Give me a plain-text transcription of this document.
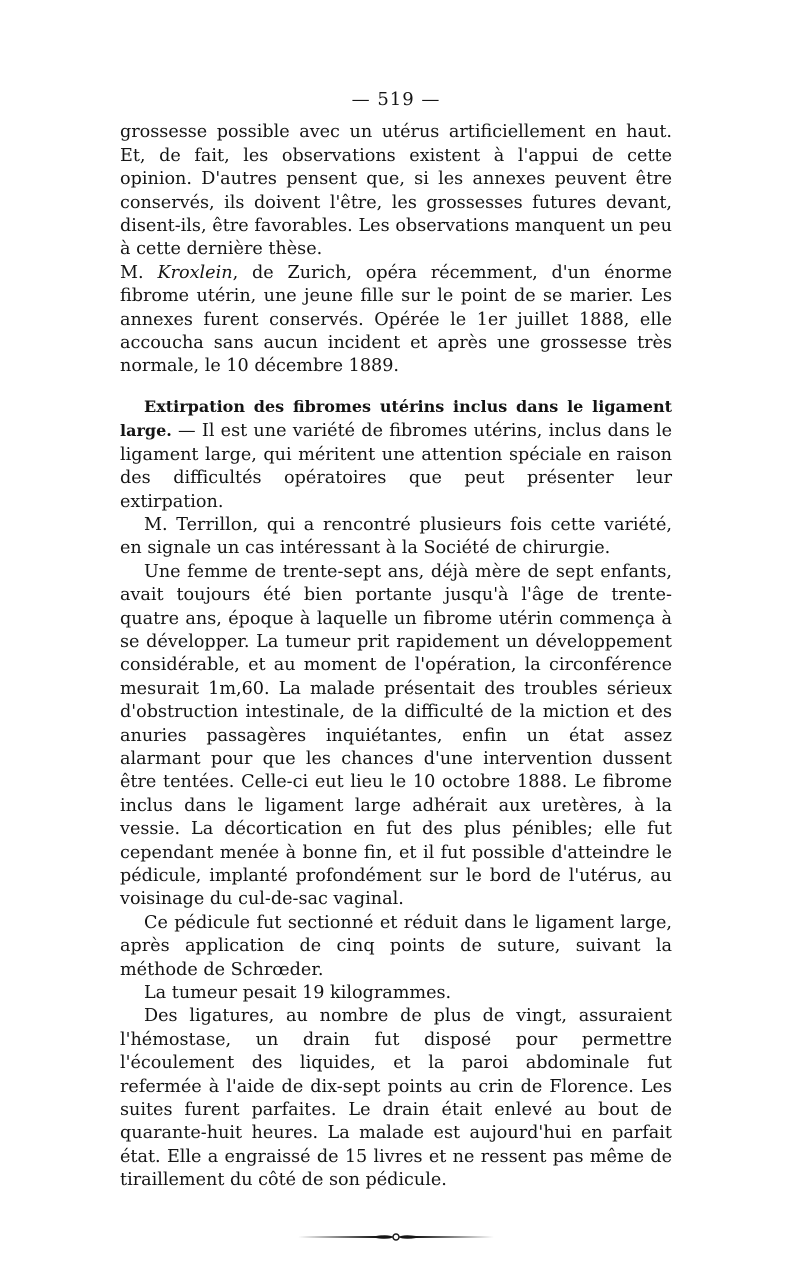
— 519 —

grossesse possible avec un utérus artificiellement en haut. Et, de fait, les observations existent à l'appui de cette opinion. D'autres pensent que, si les annexes peuvent être conservés, ils doivent l'être, les grossesses futures devant, disent-ils, être favorables. Les observations manquent un peu à cette dernière thèse.

M. Kroxlein, de Zurich, opéra récemment, d'un énorme fibrome utérin, une jeune fille sur le point de se marier. Les annexes furent conservés. Opérée le 1er juillet 1888, elle accoucha sans aucun incident et après une grossesse très normale, le 10 décembre 1889.

Extirpation des fibromes utérins inclus dans le ligament large. — Il est une variété de fibromes utérins, inclus dans le ligament large, qui méritent une attention spéciale en raison des difficultés opératoires que peut présenter leur extirpation.

M. Terrillon, qui a rencontré plusieurs fois cette variété, en signale un cas intéressant à la Société de chirurgie.

Une femme de trente-sept ans, déjà mère de sept enfants, avait toujours été bien portante jusqu'à l'âge de trente-quatre ans, époque à laquelle un fibrome utérin commença à se développer. La tumeur prit rapidement un développement considérable, et au moment de l'opération, la circonférence mesurait 1m,60. La malade présentait des troubles sérieux d'obstruction intestinale, de la difficulté de la miction et des anuries passagères inquiétantes, enfin un état assez alarmant pour que les chances d'une intervention dussent être tentées. Celle-ci eut lieu le 10 octobre 1888. Le fibrome inclus dans le ligament large adhérait aux uretères, à la vessie. La décortication en fut des plus pénibles; elle fut cependant menée à bonne fin, et il fut possible d'atteindre le pédicule, implanté profondément sur le bord de l'utérus, au voisinage du cul-de-sac vaginal.

Ce pédicule fut sectionné et réduit dans le ligament large, après application de cinq points de suture, suivant la méthode de Schrœder.

La tumeur pesait 19 kilogrammes.

Des ligatures, au nombre de plus de vingt, assuraient l'hémostase, un drain fut disposé pour permettre l'écoulement des liquides, et la paroi abdominale fut refermée à l'aide de dix-sept points au crin de Florence. Les suites furent parfaites. Le drain était enlevé au bout de quarante-huit heures. La malade est aujourd'hui en parfait état. Elle a engraissé de 15 livres et ne ressent pas même de tiraillement du côté de son pédicule.
